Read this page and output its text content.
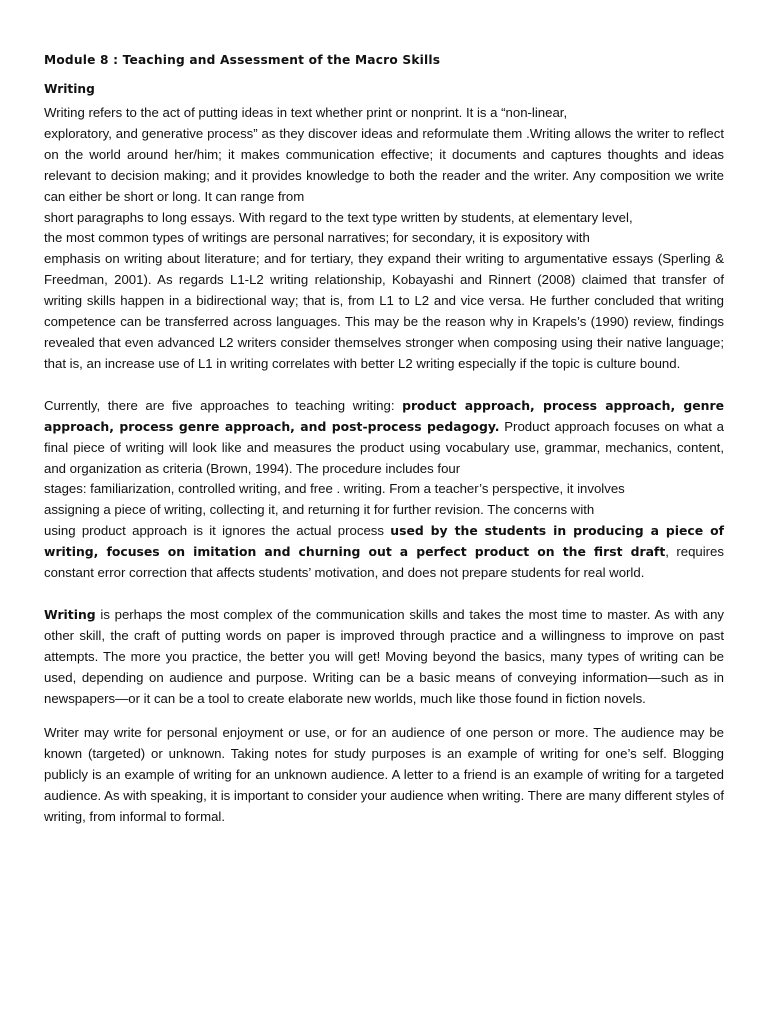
Module 8 : Teaching and Assessment of the Macro Skills
Writing
Writing refers to the act of putting ideas in text whether print or nonprint. It is a “non-linear,
exploratory, and generative process” as they discover ideas and reformulate them .Writing allows the writer to reflect on the world around her/him; it makes communication effective; it documents and captures thoughts and ideas relevant to decision making; and it provides knowledge to both the reader and the writer. Any composition we write can either be short or long. It can range from
short paragraphs to long essays. With regard to the text type written by students, at elementary level,
the most common types of writings are personal narratives; for secondary, it is expository with
emphasis on writing about literature; and for tertiary, they expand their writing to argumentative essays (Sperling & Freedman, 2001). As regards L1-L2 writing relationship, Kobayashi and Rinnert (2008) claimed that transfer of writing skills happen in a bidirectional way; that is, from L1 to L2 and vice versa. He further concluded that writing competence can be transferred across languages. This may be the reason why in Krapels’s (1990) review, findings revealed that even advanced L2 writers consider themselves stronger when composing using their native language; that is, an increase use of L1 in writing correlates with better L2 writing especially if the topic is culture bound.
Currently, there are five approaches to teaching writing: product approach, process approach, genre approach, process genre approach, and post-process pedagogy. Product approach focuses on what a final piece of writing will look like and measures the product using vocabulary use, grammar, mechanics, content, and organization as criteria (Brown, 1994). The procedure includes four
stages: familiarization, controlled writing, and free . writing. From a teacher’s perspective, it involves
assigning a piece of writing, collecting it, and returning it for further revision. The concerns with
using product approach is it ignores the actual process used by the students in producing a piece of writing, focuses on imitation and churning out a perfect product on the first draft, requires constant error correction that affects students’ motivation, and does not prepare students for real world.
Writing is perhaps the most complex of the communication skills and takes the most time to master. As with any other skill, the craft of putting words on paper is improved through practice and a willingness to improve on past attempts. The more you practice, the better you will get! Moving beyond the basics, many types of writing can be used, depending on audience and purpose. Writing can be a basic means of conveying information—such as in newspapers—or it can be a tool to create elaborate new worlds, much like those found in fiction novels.
Writer may write for personal enjoyment or use, or for an audience of one person or more. The audience may be known (targeted) or unknown. Taking notes for study purposes is an example of writing for one’s self. Blogging publicly is an example of writing for an unknown audience. A letter to a friend is an example of writing for a targeted audience. As with speaking, it is important to consider your audience when writing. There are many different styles of writing, from informal to formal.
